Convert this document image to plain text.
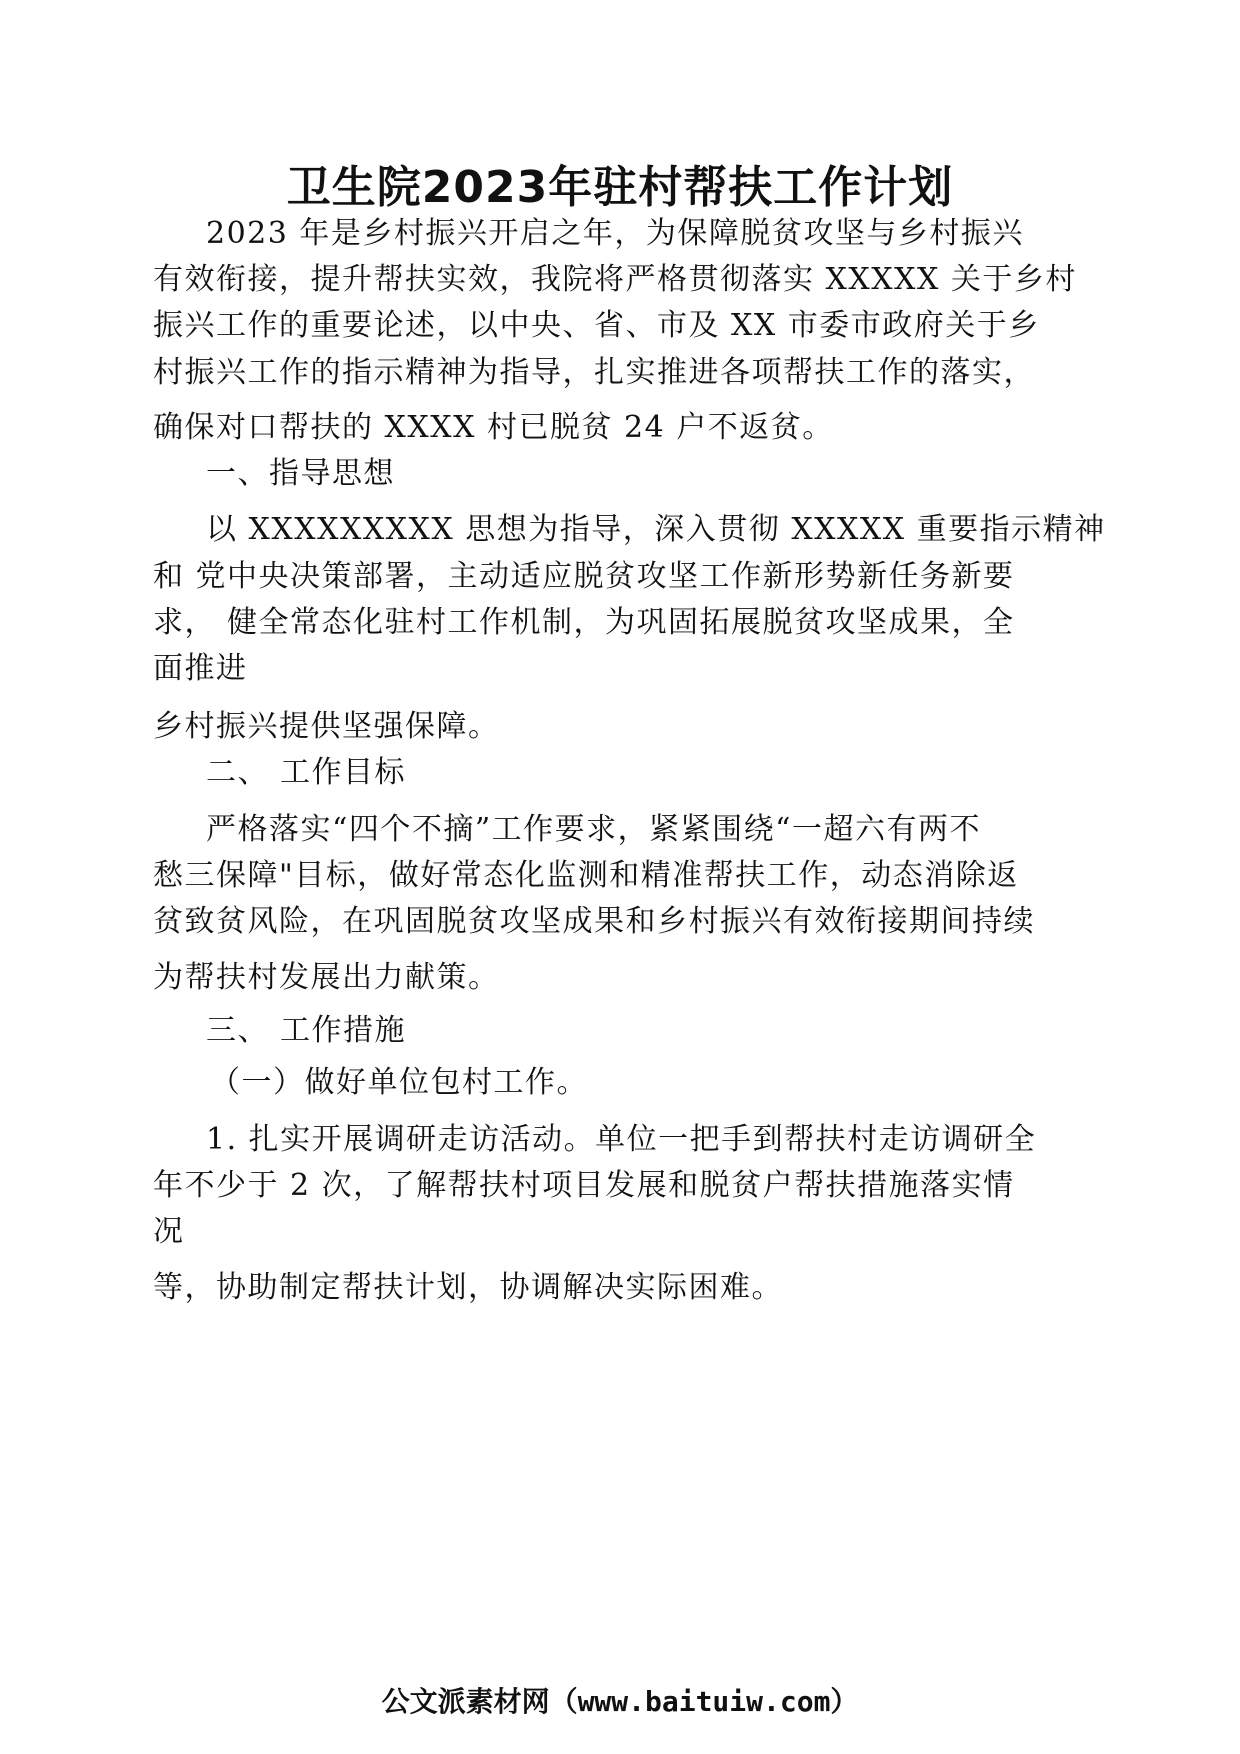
卫生院2023年驻村帮扶工作计划

2023 年是乡村振兴开启之年，为保障脱贫攻坚与乡村振兴

有效衔接，提升帮扶实效，我院将严格贯彻落实 XXXXX 关于乡村

振兴工作的重要论述，以中央、省、市及 XX 市委市政府关于乡

村振兴工作的指示精神为指导，扎实推进各项帮扶工作的落实，

确保对口帮扶的 XXXX 村已脱贫 24 户不返贫。

一、指导思想

以 XXXXXXXXX 思想为指导，深入贯彻 XXXXX 重要指示精神

和 党中央决策部署，主动适应脱贫攻坚工作新形势新任务新要

求， 健全常态化驻村工作机制，为巩固拓展脱贫攻坚成果，全

面推进

乡村振兴提供坚强保障。

二、 工作目标

严格落实“四个不摘”工作要求，紧紧围绕“一超六有两不

愁三保障"目标，做好常态化监测和精准帮扶工作，动态消除返

贫致贫风险，在巩固脱贫攻坚成果和乡村振兴有效衔接期间持续

为帮扶村发展出力献策。

三、 工作措施

（一）做好单位包村工作。

1. 扎实开展调研走访活动。单位一把手到帮扶村走访调研全

年不少于 2 次，了解帮扶村项目发展和脱贫户帮扶措施落实情

况

等，协助制定帮扶计划，协调解决实际困难。

公文派素材网（www.baituiw.com）
